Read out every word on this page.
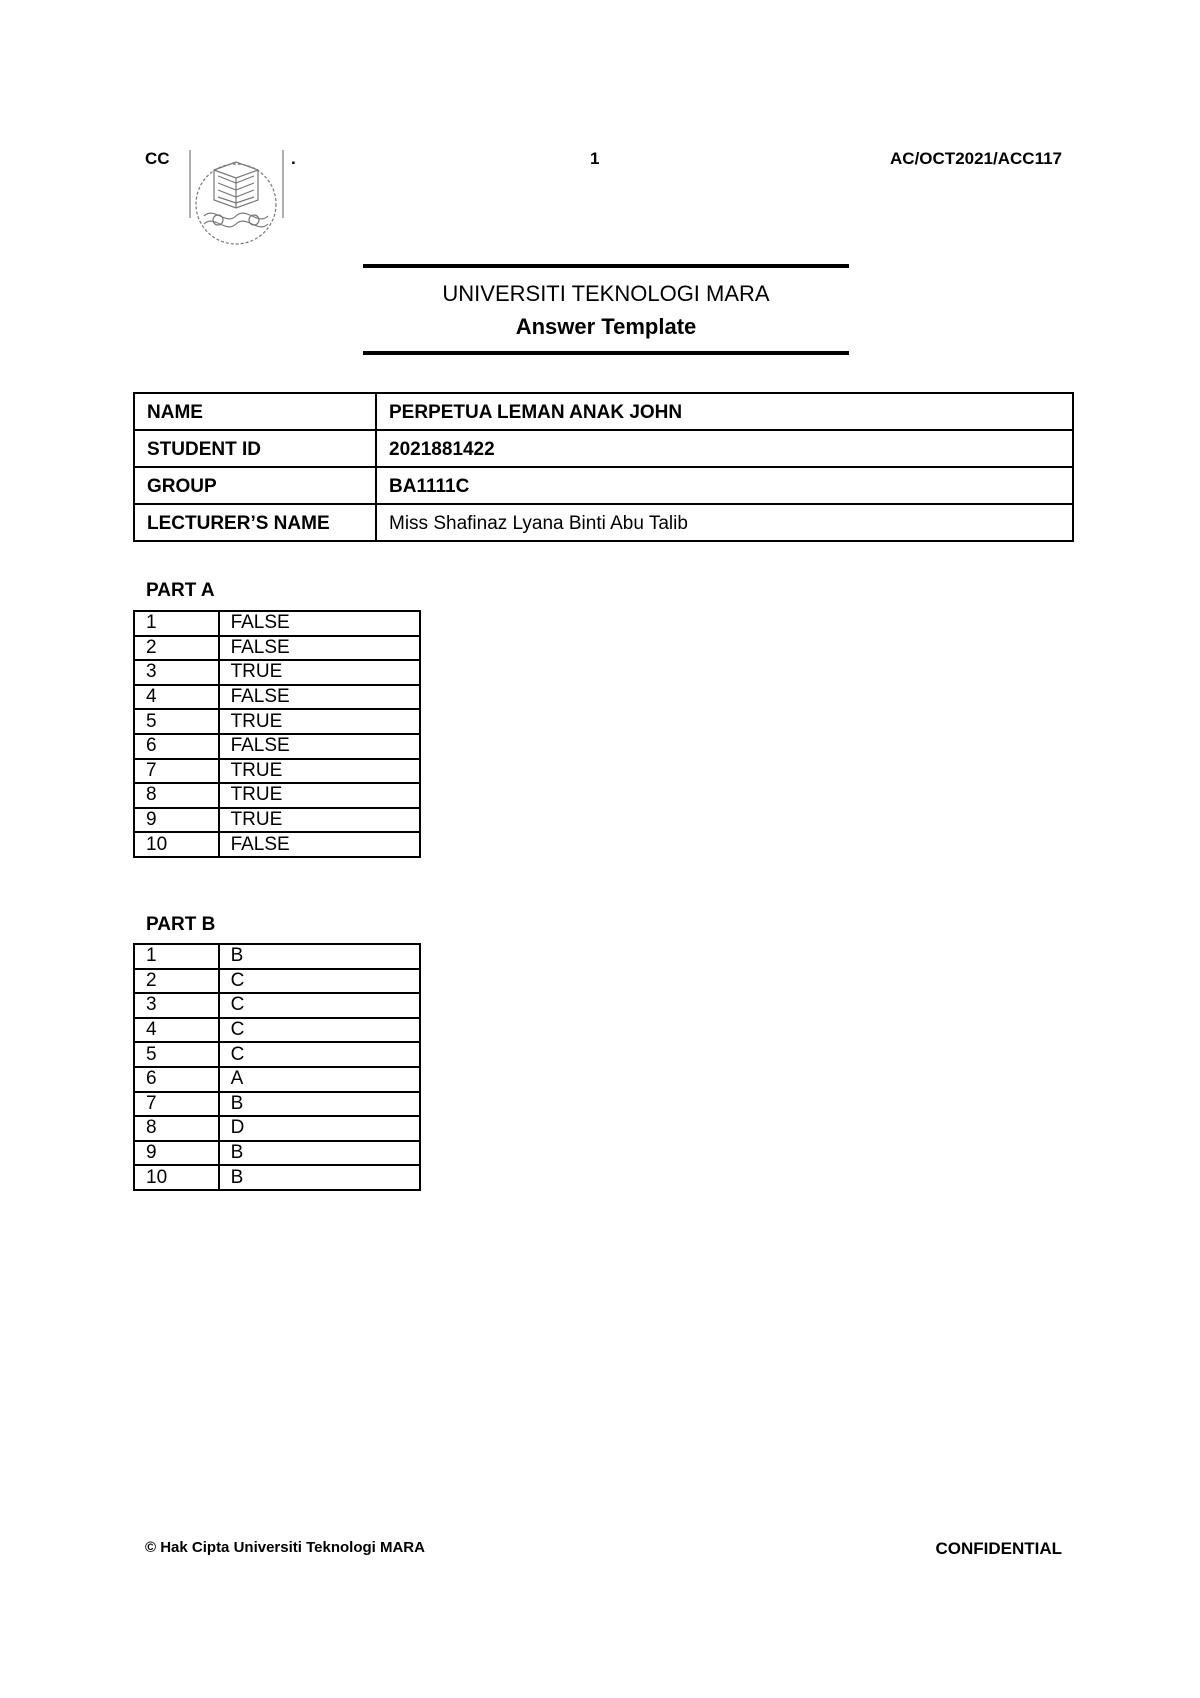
CC	.	1	AC/OCT2021/ACC117
UNIVERSITI TEKNOLOGI MARA
Answer Template
NAME	PERPETUA LEMAN ANAK JOHN
STUDENT ID	2021881422
GROUP	BA1111C
LECTURER’S NAME	Miss Shafinaz Lyana Binti Abu Talib
PART A
1	FALSE
2	FALSE
3	TRUE
4	FALSE
5	TRUE
6	FALSE
7	TRUE
8	TRUE
9	TRUE
10	FALSE
PART B
1	B
2	C
3	C
4	C
5	C
6	A
7	B
8	D
9	B
10	B
© Hak Cipta Universiti Teknologi MARA	CONFIDENTIAL
